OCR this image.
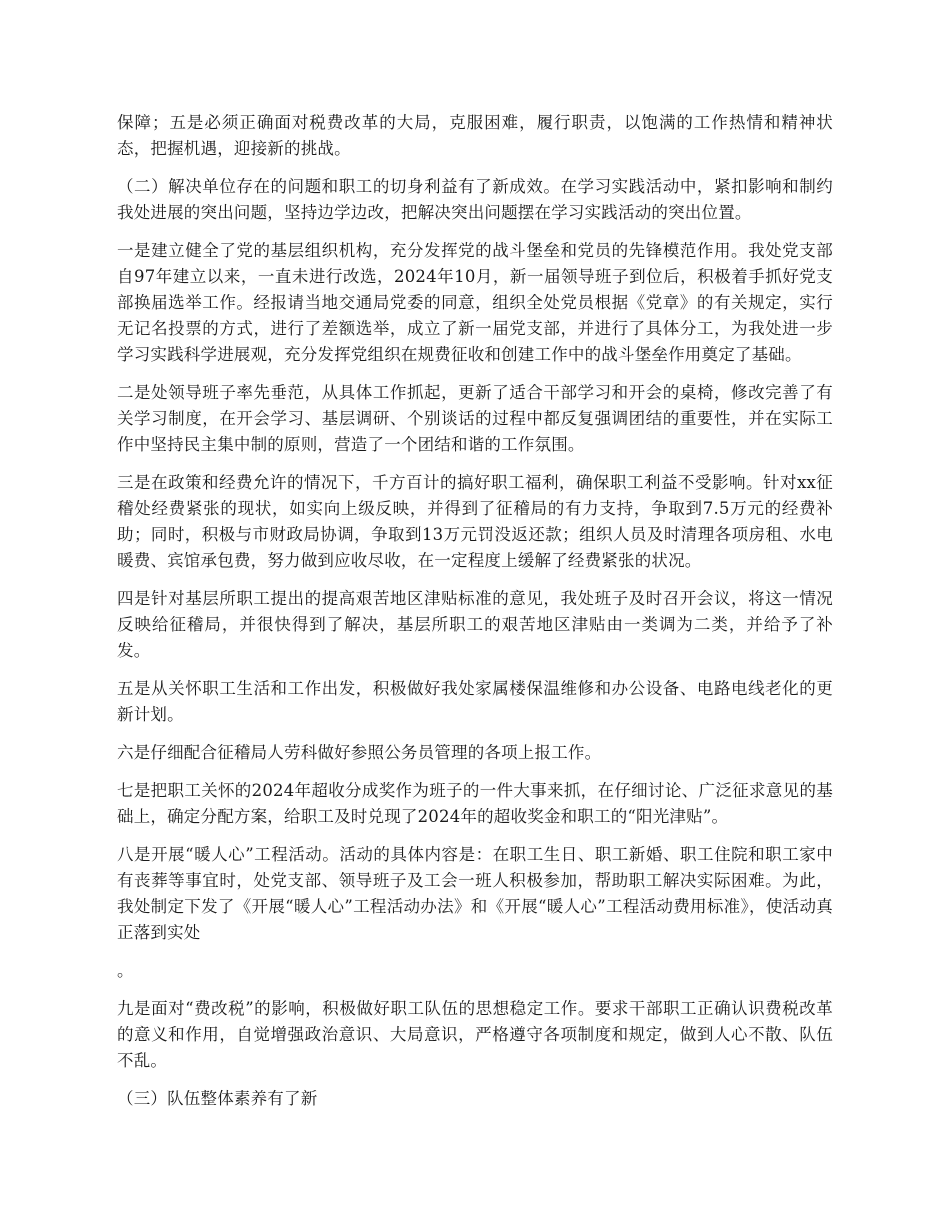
保障；五是必须正确面对税费改革的大局，克服困难，履行职责，以饱满的工作热情和精神状态，把握机遇，迎接新的挑战。

（二）解决单位存在的问题和职工的切身利益有了新成效。在学习实践活动中，紧扣影响和制约我处进展的突出问题，坚持边学边改，把解决突出问题摆在学习实践活动的突出位置。

一是建立健全了党的基层组织机构，充分发挥党的战斗堡垒和党员的先锋模范作用。我处党支部自97年建立以来，一直未进行改选，2024年10月，新一届领导班子到位后，积极着手抓好党支部换届选举工作。经报请当地交通局党委的同意，组织全处党员根据《党章》的有关规定，实行无记名投票的方式，进行了差额选举，成立了新一届党支部，并进行了具体分工，为我处进一步学习实践科学进展观，充分发挥党组织在规费征收和创建工作中的战斗堡垒作用奠定了基础。

二是处领导班子率先垂范，从具体工作抓起，更新了适合干部学习和开会的桌椅，修改完善了有关学习制度，在开会学习、基层调研、个别谈话的过程中都反复强调团结的重要性，并在实际工作中坚持民主集中制的原则，营造了一个团结和谐的工作氛围。

三是在政策和经费允许的情况下，千方百计的搞好职工福利，确保职工利益不受影响。针对xx征稽处经费紧张的现状，如实向上级反映，并得到了征稽局的有力支持，争取到7.5万元的经费补助；同时，积极与市财政局协调，争取到13万元罚没返还款；组织人员及时清理各项房租、水电暖费、宾馆承包费，努力做到应收尽收，在一定程度上缓解了经费紧张的状况。

四是针对基层所职工提出的提高艰苦地区津贴标准的意见，我处班子及时召开会议，将这一情况反映给征稽局，并很快得到了解决，基层所职工的艰苦地区津贴由一类调为二类，并给予了补发。

五是从关怀职工生活和工作出发，积极做好我处家属楼保温维修和办公设备、电路电线老化的更新计划。

六是仔细配合征稽局人劳科做好参照公务员管理的各项上报工作。

七是把职工关怀的2024年超收分成奖作为班子的一件大事来抓，在仔细讨论、广泛征求意见的基础上，确定分配方案，给职工及时兑现了2024年的超收奖金和职工的“阳光津贴”。

八是开展“暖人心”工程活动。活动的具体内容是：在职工生日、职工新婚、职工住院和职工家中有丧葬等事宜时，处党支部、领导班子及工会一班人积极参加，帮助职工解决实际困难。为此，我处制定下发了《开展“暖人心”工程活动办法》和《开展“暖人心”工程活动费用标准》，使活动真正落到实处

。

九是面对“费改税”的影响，积极做好职工队伍的思想稳定工作。要求干部职工正确认识费税改革的意义和作用，自觉增强政治意识、大局意识，严格遵守各项制度和规定，做到人心不散、队伍不乱。

（三）队伍整体素养有了新
